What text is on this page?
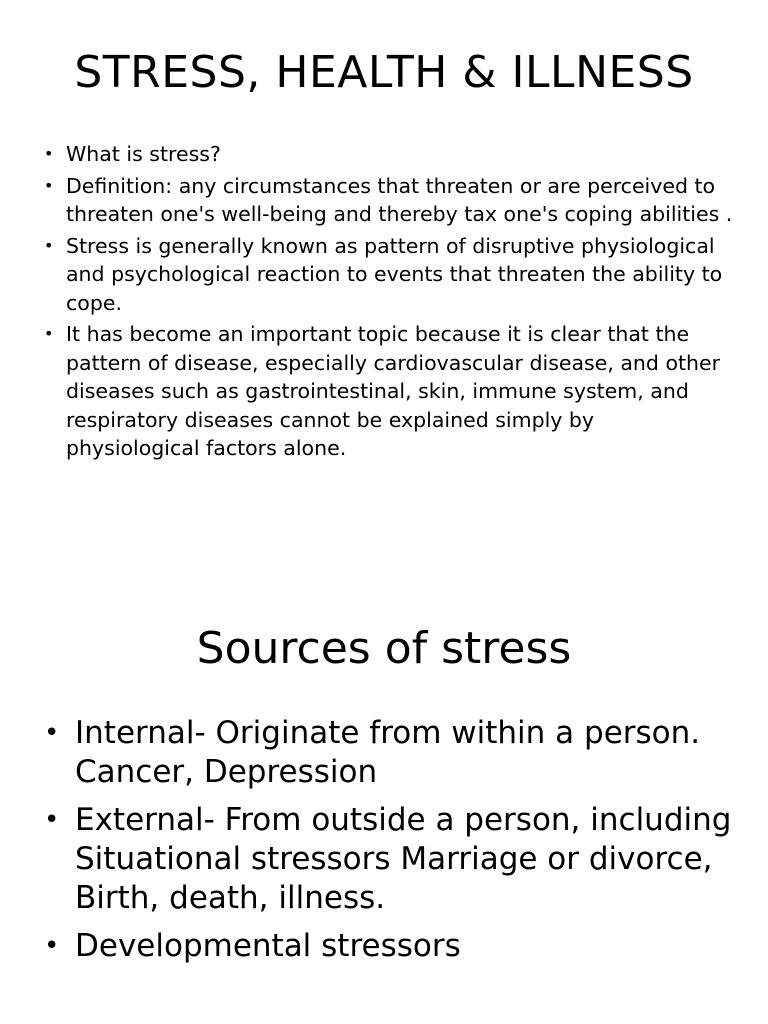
STRESS, HEALTH & ILLNESS
• What is stress?
• Definition: any circumstances that threaten or are perceived to threaten one's well-being and thereby tax one's coping abilities .
• Stress is generally known as pattern of disruptive physiological and psychological reaction to events that threaten the ability to cope.
• It has become an important topic because it is clear that the pattern of disease, especially cardiovascular disease, and other diseases such as gastrointestinal, skin, immune system, and respiratory diseases cannot be explained simply by physiological factors alone.
Sources of stress
• Internal- Originate from within a person. Cancer, Depression
• External- From outside a person, including Situational stressors Marriage or divorce, Birth, death, illness.
• Developmental stressors
